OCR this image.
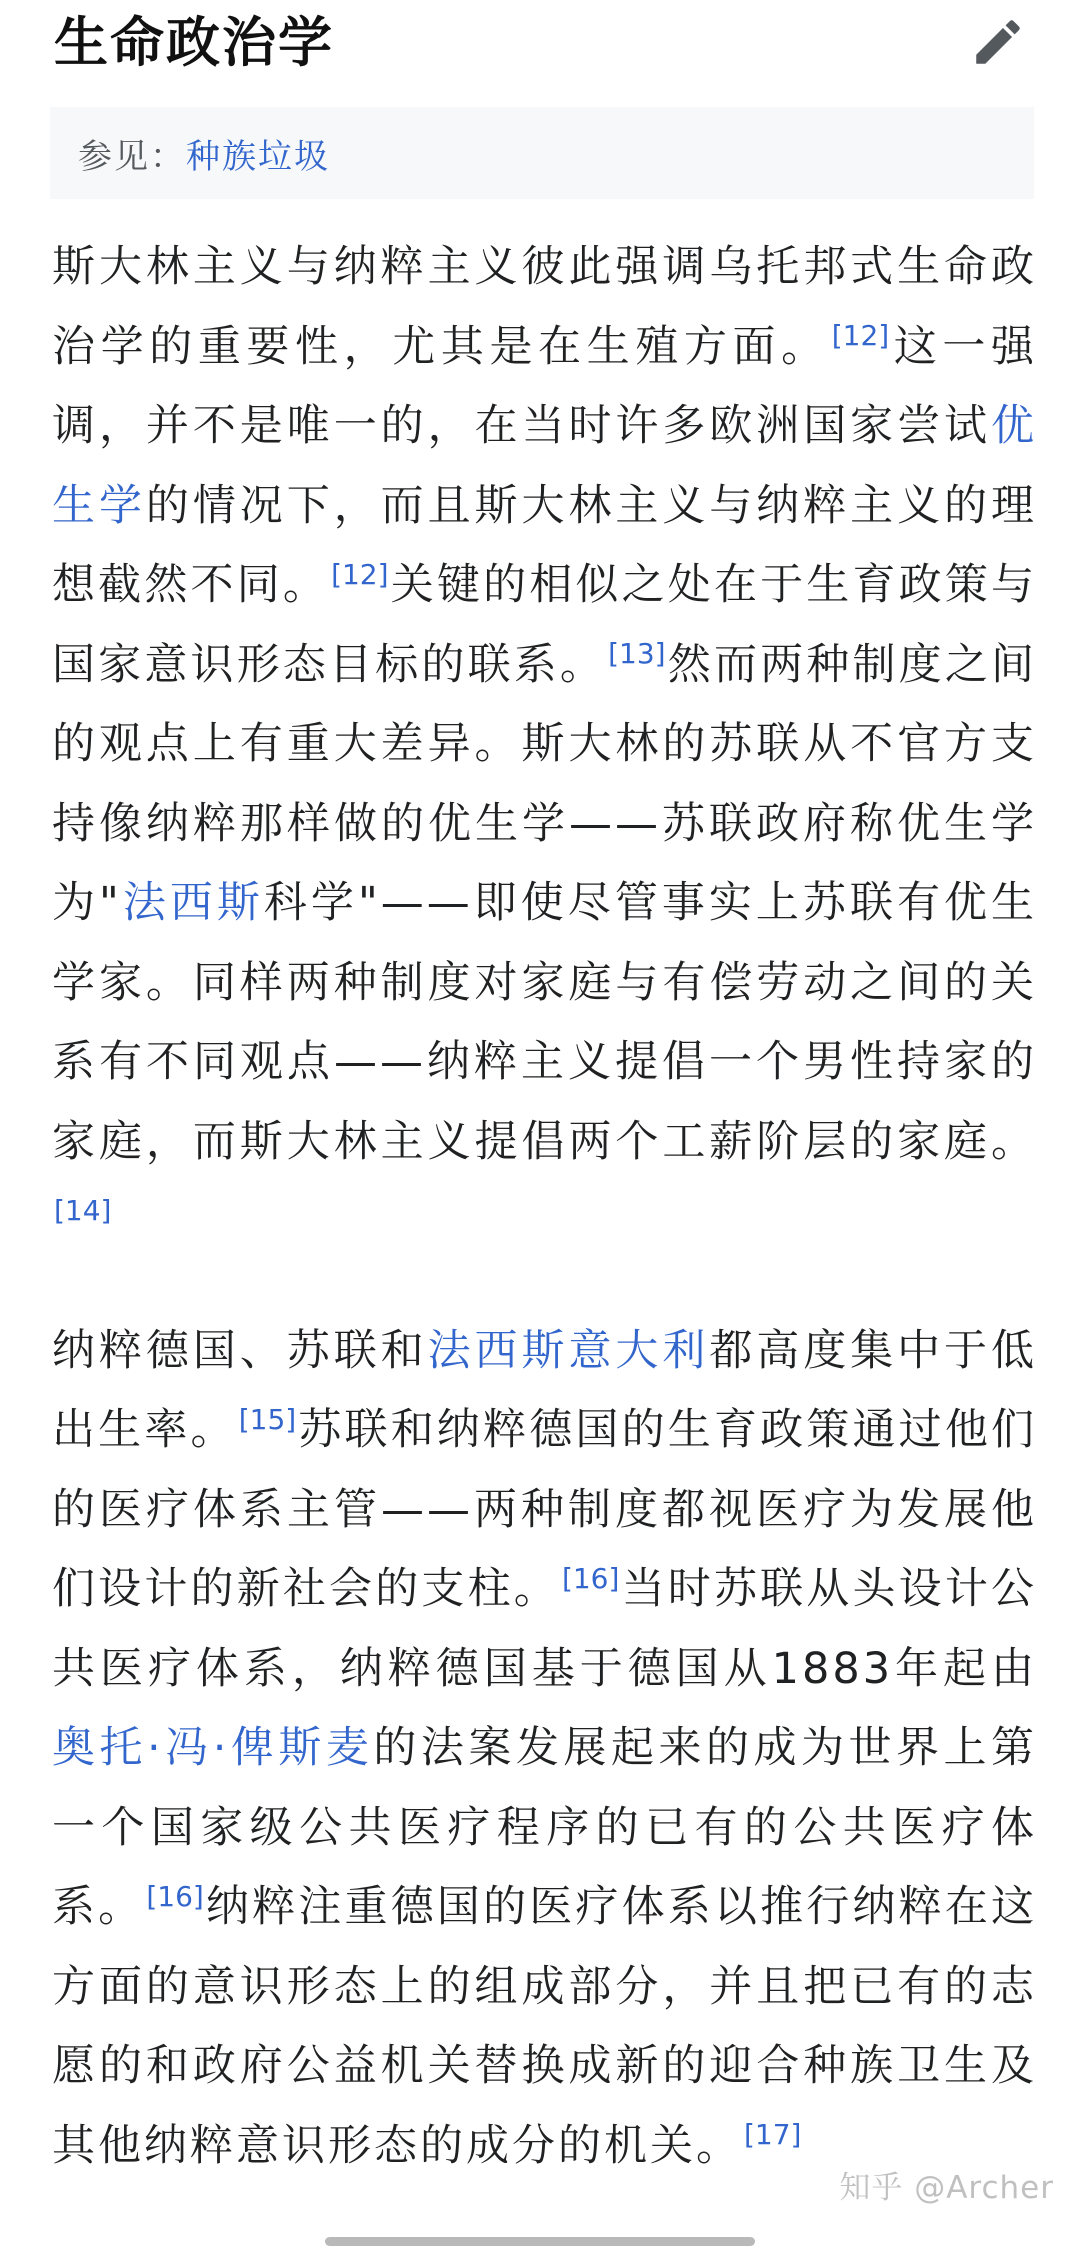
生命政治学
参见： 种族垃圾

斯大林主义与纳粹主义彼此强调乌托邦式生命政治学的重要性，尤其是在生殖方面。[12]这一强调，并不是唯一的，在当时许多欧洲国家尝试优生学的情况下，而且斯大林主义与纳粹主义的理想截然不同。[12]关键的相似之处在于生育政策与国家意识形态目标的联系。[13]然而两种制度之间的观点上有重大差异。斯大林的苏联从不官方支持像纳粹那样做的优生学——苏联政府称优生学为"法西斯科学"——即使尽管事实上苏联有优生学家。同样两种制度对家庭与有偿劳动之间的关系有不同观点——纳粹主义提倡一个男性持家的家庭，而斯大林主义提倡两个工薪阶层的家庭。[14]

纳粹德国、苏联和法西斯意大利都高度集中于低出生率。[15]苏联和纳粹德国的生育政策通过他们的医疗体系主管——两种制度都视医疗为发展他们设计的新社会的支柱。[16]当时苏联从头设计公共医疗体系，纳粹德国基于德国从1883年起由奥托·冯·俾斯麦的法案发展起来的成为世界上第一个国家级公共医疗程序的已有的公共医疗体系。[16]纳粹注重德国的医疗体系以推行纳粹在这方面的意识形态上的组成部分，并且把已有的志愿的和政府公益机关替换成新的迎合种族卫生及其他纳粹意识形态的成分的机关。[17]

知乎 @Archer
